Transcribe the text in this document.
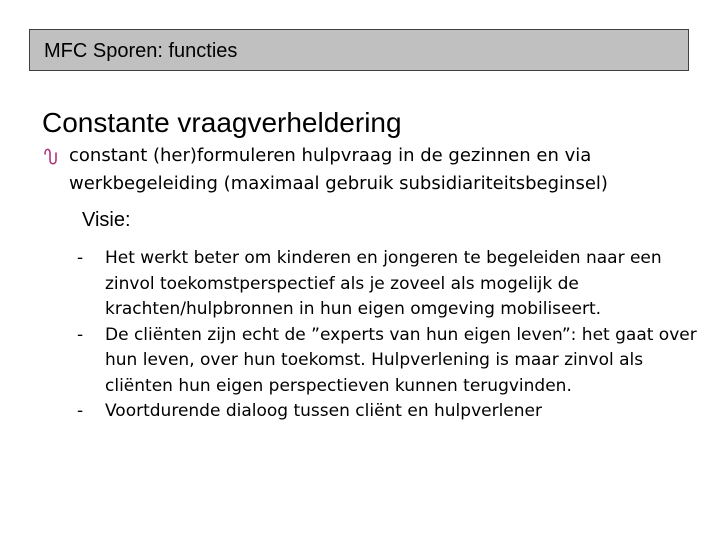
MFC Sporen: functies
Constante vraagverheldering
constant (her)formuleren hulpvraag in de gezinnen en via werkbegeleiding (maximaal gebruik subsidiariteitsbeginsel)
Visie:
- Het werkt beter om kinderen en jongeren te begeleiden naar een zinvol toekomstperspectief als je zoveel als mogelijk de krachten/hulpbronnen in hun eigen omgeving mobiliseert.
- De cliënten zijn echt de ”experts van hun eigen leven”: het gaat over hun leven, over hun toekomst. Hulpverlening is maar zinvol als cliënten hun eigen perspectieven kunnen terugvinden.
- Voortdurende dialoog tussen cliënt en hulpverlener
